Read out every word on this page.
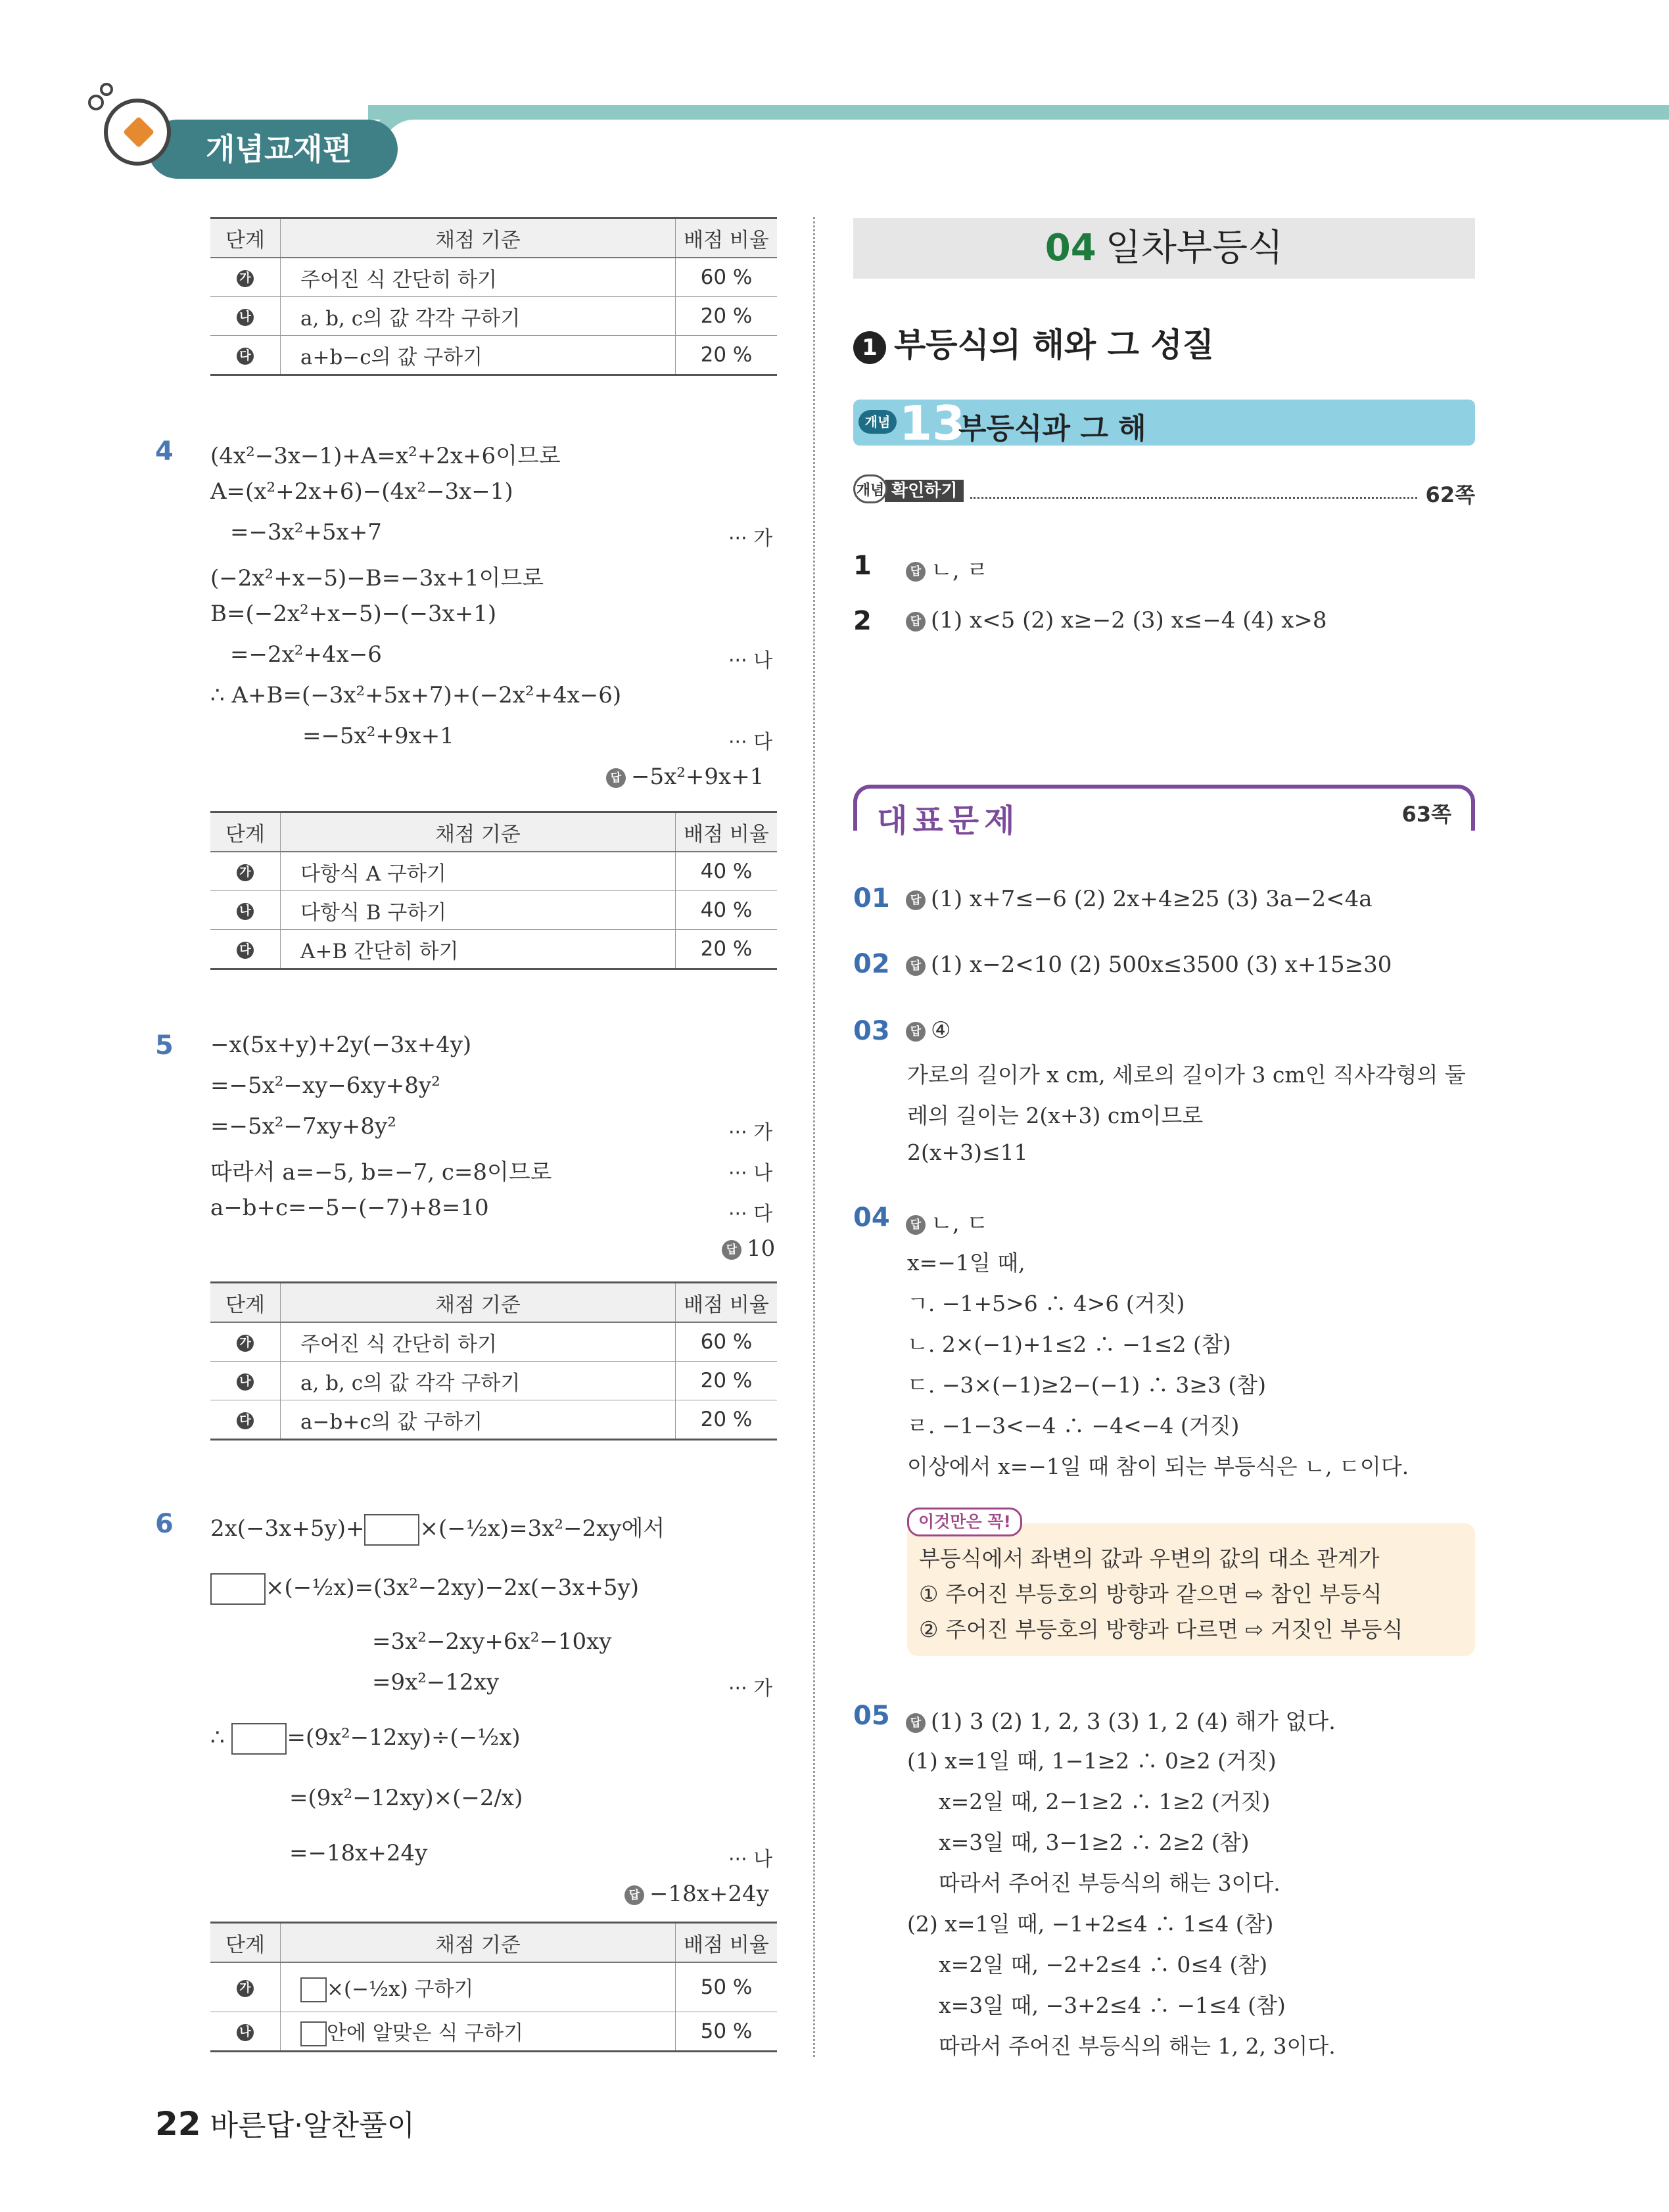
개념교재편
단계	채점 기준	배점 비율
가	주어진 식 간단히 하기	60 %
나	a, b, c의 값 각각 구하기	20 %
다	a+b−c의 값 구하기	20 %
4 (4x²−3x−1)+A=x²+2x+6이므로
A=(x²+2x+6)−(4x²−3x−1)
=−3x²+5x+7	··· 가
(−2x²+x−5)−B=−3x+1이므로
B=(−2x²+x−5)−(−3x+1)
=−2x²+4x−6	··· 나
∴ A+B=(−3x²+5x+7)+(−2x²+4x−6)
=−5x²+9x+1	··· 다
답 −5x²+9x+1
단계	채점 기준	배점 비율
가	다항식 A 구하기	40 %
나	다항식 B 구하기	40 %
다	A+B 간단히 하기	20 %
5 −x(5x+y)+2y(−3x+4y)
=−5x²−xy−6xy+8y²
=−5x²−7xy+8y²	··· 가
따라서 a=−5, b=−7, c=8이므로	··· 나
a−b+c=−5−(−7)+8=10	··· 다
답 10
단계	채점 기준	배점 비율
가	주어진 식 간단히 하기	60 %
나	a, b, c의 값 각각 구하기	20 %
다	a−b+c의 값 구하기	20 %
6 2x(−3x+5y)+ ×(−½x)=3x²−2xy에서
×(−½x)=(3x²−2xy)−2x(−3x+5y)
=3x²−2xy+6x²−10xy
=9x²−12xy	··· 가
∴	=(9x²−12xy)÷(−½x)
=(9x²−12xy)×(−2/x)
=−18x+24y	··· 나
답 −18x+24y
단계	채점 기준	배점 비율
가	×(−½x) 구하기	50 %
나	안에 알맞은 식 구하기	50 %
04 일차부등식
1 부등식의 해와 그 성질
개념 13
부등식과 그 해
확인하기
개념	62쪽
1	답 ㄴ, ㄹ
2	답 (1) x<5 (2) x≥−2 (3) x≤−4 (4) x>8
대표문제	63쪽
01	답 (1) x+7≤−6 (2) 2x+4≥25 (3) 3a−2<4a
02	답 (1) x−2<10 (2) 500x≤3500 (3) x+15≥30
03	답 ④
가로의 길이가 x cm, 세로의 길이가 3 cm인 직사각형의 둘
레의 길이는 2(x+3) cm이므로
2(x+3)≤11
04	답 ㄴ, ㄷ
x=−1일 때,
ㄱ. −1+5>6 ∴ 4>6 (거짓)
ㄴ. 2×(−1)+1≤2 ∴ −1≤2 (참)
ㄷ. −3×(−1)≥2−(−1) ∴ 3≥3 (참)
ㄹ. −1−3<−4 ∴ −4<−4 (거짓)
이상에서 x=−1일 때 참이 되는 부등식은 ㄴ, ㄷ이다.
이것만은 꼭!
부등식에서 좌변의 값과 우변의 값의 대소 관계가
① 주어진 부등호의 방향과 같으면 ⇨ 참인 부등식
② 주어진 부등호의 방향과 다르면 ⇨ 거짓인 부등식
05	답 (1) 3 (2) 1, 2, 3 (3) 1, 2 (4) 해가 없다.
(1) x=1일 때, 1−1≥2 ∴ 0≥2 (거짓)
x=2일 때, 2−1≥2 ∴ 1≥2 (거짓)
x=3일 때, 3−1≥2 ∴ 2≥2 (참)
따라서 주어진 부등식의 해는 3이다.
(2) x=1일 때, −1+2≤4 ∴ 1≤4 (참)
x=2일 때, −2+2≤4 ∴ 0≤4 (참)
x=3일 때, −3+2≤4 ∴ −1≤4 (참)
따라서 주어진 부등식의 해는 1, 2, 3이다.
22 바른답·알찬풀이
